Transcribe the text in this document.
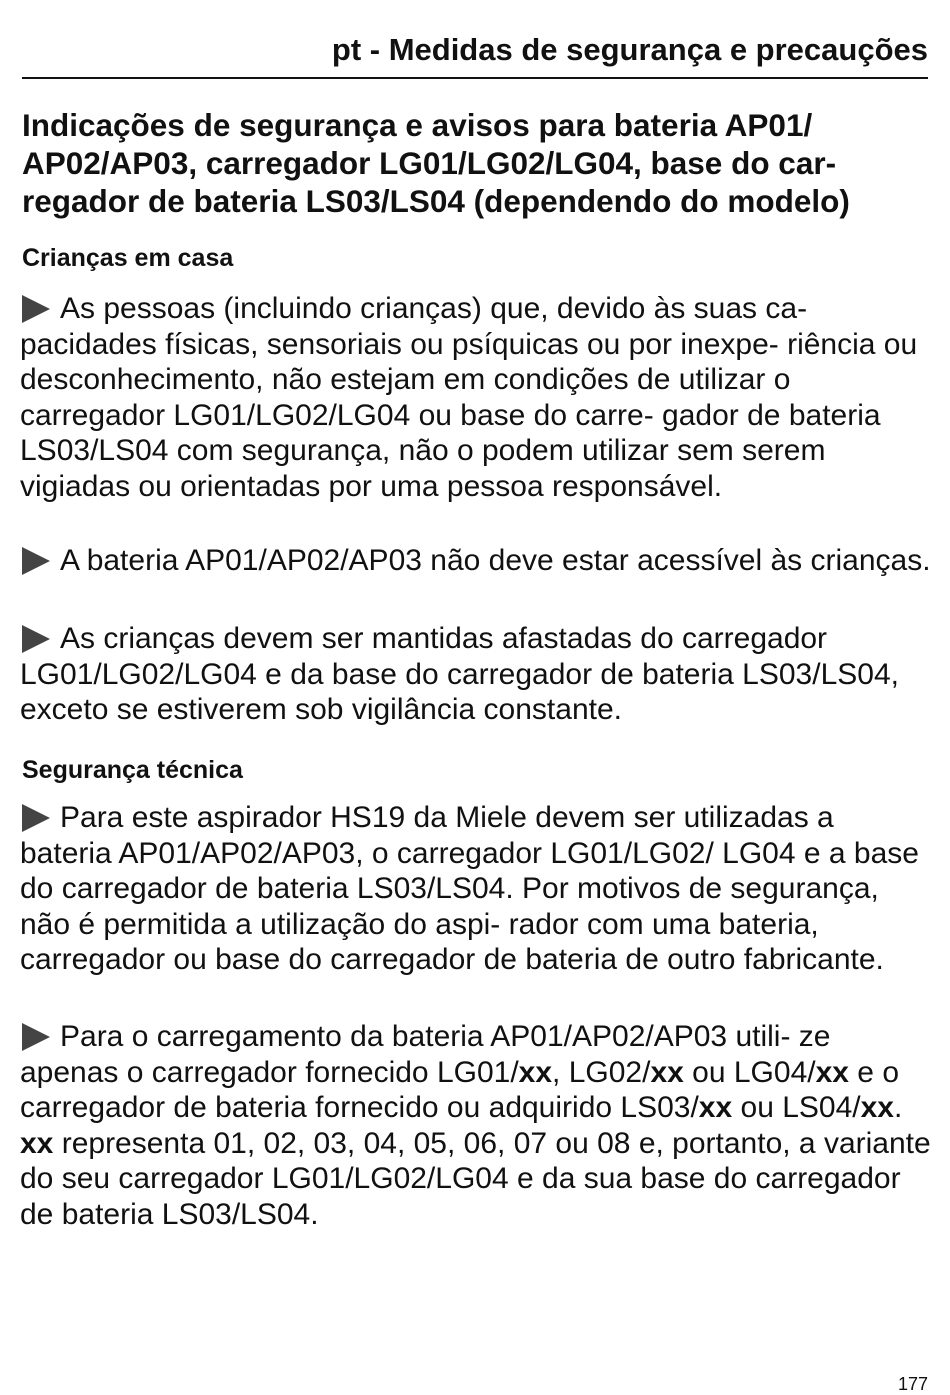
pt - Medidas de segurança e precauções
Indicações de segurança e avisos para bateria AP01/ AP02/AP03, carregador LG01/LG02/LG04, base do car- regador de bateria LS03/LS04 (dependendo do modelo)
Crianças em casa

As pessoas (incluindo crianças) que, devido às suas ca- pacidades físicas, sensoriais ou psíquicas ou por inexpe- riência ou desconhecimento, não estejam em condições de utilizar o carregador LG01/LG02/LG04 ou base do carre- gador de bateria LS03/LS04 com segurança, não o podem utilizar sem serem vigiadas ou orientadas por uma pessoa responsável.

A bateria AP01/AP02/AP03 não deve estar acessível às crianças.

As crianças devem ser mantidas afastadas do carregador LG01/LG02/LG04 e da base do carregador de bateria LS03/LS04, exceto se estiverem sob vigilância constante.

Segurança técnica

Para este aspirador HS19 da Miele devem ser utilizadas a bateria AP01/AP02/AP03, o carregador LG01/LG02/ LG04 e a base do carregador de bateria LS03/LS04. Por motivos de segurança, não é permitida a utilização do aspi- rador com uma bateria, carregador ou base do carregador de bateria de outro fabricante.

Para o carregamento da bateria AP01/AP02/AP03 utili- ze apenas o carregador fornecido LG01/xx, LG02/xx ou LG04/xx e o carregador de bateria fornecido ou adquirido LS03/xx ou LS04/xx.
xx representa 01, 02, 03, 04, 05, 06, 07 ou 08 e, portanto, a variante do seu carregador LG01/LG02/LG04 e da sua base do carregador de bateria LS03/LS04.

177
